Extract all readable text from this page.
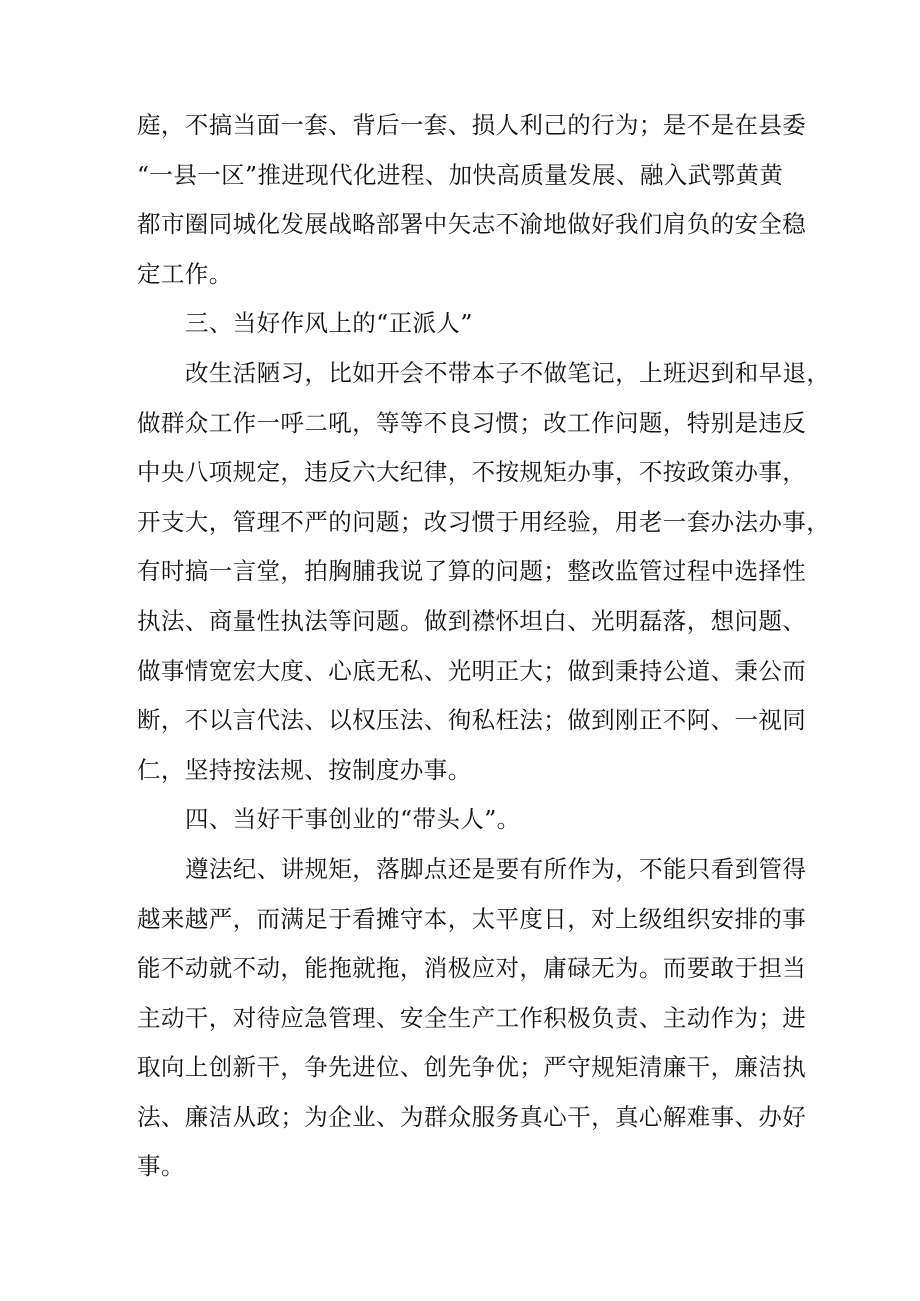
庭，不搞当面一套、背后一套、损人利己的行为；是不是在县委
“一县一区”推进现代化进程、加快高质量发展、融入武鄂黄黄
都市圈同城化发展战略部署中矢志不渝地做好我们肩负的安全稳
定工作。
三、当好作风上的“正派人”
改生活陋习，比如开会不带本子不做笔记，上班迟到和早退，
做群众工作一呼二吼，等等不良习惯；改工作问题，特别是违反
中央八项规定，违反六大纪律，不按规矩办事，不按政策办事，
开支大，管理不严的问题；改习惯于用经验，用老一套办法办事，
有时搞一言堂，拍胸脯我说了算的问题；整改监管过程中选择性
执法、商量性执法等问题。做到襟怀坦白、光明磊落，想问题、
做事情宽宏大度、心底无私、光明正大；做到秉持公道、秉公而
断，不以言代法、以权压法、徇私枉法；做到刚正不阿、一视同
仁，坚持按法规、按制度办事。
四、当好干事创业的“带头人”。
遵法纪、讲规矩，落脚点还是要有所作为，不能只看到管得
越来越严，而满足于看摊守本，太平度日，对上级组织安排的事
能不动就不动，能拖就拖，消极应对，庸碌无为。而要敢于担当
主动干，对待应急管理、安全生产工作积极负责、主动作为；进
取向上创新干，争先进位、创先争优；严守规矩清廉干，廉洁执
法、廉洁从政；为企业、为群众服务真心干，真心解难事、办好
事。
